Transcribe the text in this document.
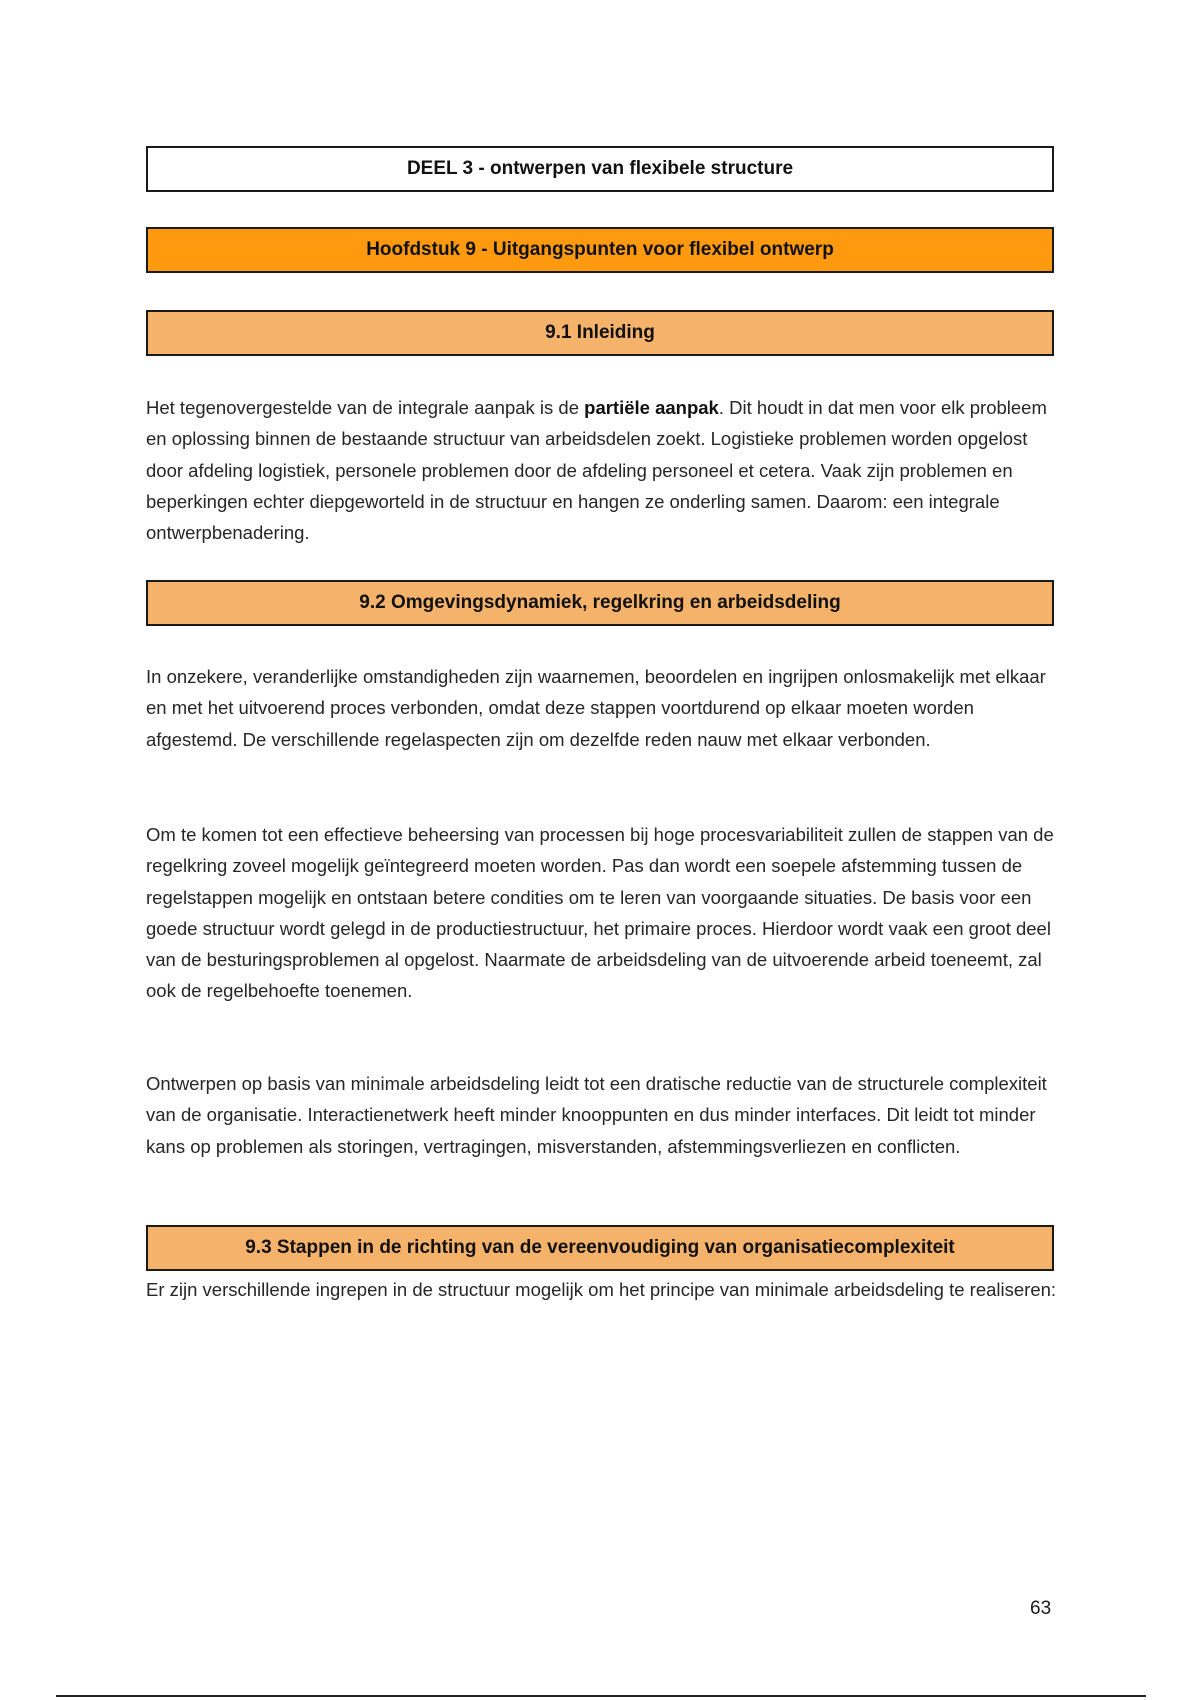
DEEL 3 - ontwerpen van flexibele structure
Hoofdstuk 9 - Uitgangspunten voor flexibel ontwerp
9.1 Inleiding

Het tegenovergestelde van de integrale aanpak is de partiële aanpak. Dit houdt in dat men voor elk probleem en oplossing binnen de bestaande structuur van arbeidsdelen zoekt. Logistieke problemen worden opgelost door afdeling logistiek, personele problemen door de afdeling personeel et cetera. Vaak zijn problemen en beperkingen echter diepgeworteld in de structuur en hangen ze onderling samen. Daarom: een integrale ontwerpbenadering.

9.2 Omgevingsdynamiek, regelkring en arbeidsdeling

In onzekere, veranderlijke omstandigheden zijn waarnemen, beoordelen en ingrijpen onlosmakelijk met elkaar en met het uitvoerend proces verbonden, omdat deze stappen voortdurend op elkaar moeten worden afgestemd. De verschillende regelaspecten zijn om dezelfde reden nauw met elkaar verbonden.

Om te komen tot een effectieve beheersing van processen bij hoge procesvariabiliteit zullen de stappen van de regelkring zoveel mogelijk geïntegreerd moeten worden. Pas dan wordt een soepele afstemming tussen de regelstappen mogelijk en ontstaan betere condities om te leren van voorgaande situaties. De basis voor een goede structuur wordt gelegd in de productiestructuur, het primaire proces. Hierdoor wordt vaak een groot deel van de besturingsproblemen al opgelost. Naarmate de arbeidsdeling van de uitvoerende arbeid toeneemt, zal ook de regelbehoefte toenemen.

Ontwerpen op basis van minimale arbeidsdeling leidt tot een dratische reductie van de structurele complexiteit van de organisatie. Interactienetwerk heeft minder knooppunten en dus minder interfaces. Dit leidt tot minder kans op problemen als storingen, vertragingen, misverstanden, afstemmingsverliezen en conflicten.

9.3 Stappen in de richting van de vereenvoudiging van organisatiecomplexiteit

Er zijn verschillende ingrepen in de structuur mogelijk om het principe van minimale arbeidsdeling te realiseren:

63
